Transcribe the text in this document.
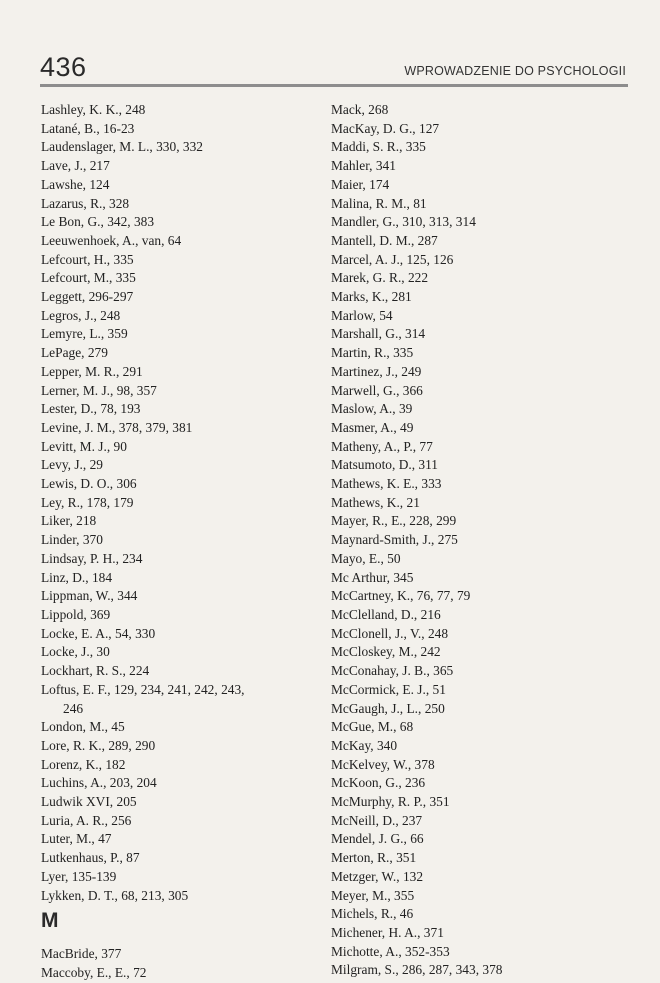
436	WPROWADZENIE DO PSYCHOLOGII
Lashley, K. K., 248
Latané, B., 16-23
Laudenslager, M. L., 330, 332
Lave, J., 217
Lawshe, 124
Lazarus, R., 328
Le Bon, G., 342, 383
Leeuwenhoek, A., van, 64
Lefcourt, H., 335
Lefcourt, M., 335
Leggett, 296-297
Legros, J., 248
Lemyre, L., 359
LePage, 279
Lepper, M. R., 291
Lerner, M. J., 98, 357
Lester, D., 78, 193
Levine, J. M., 378, 379, 381
Levitt, M. J., 90
Levy, J., 29
Lewis, D. O., 306
Ley, R., 178, 179
Liker, 218
Linder, 370
Lindsay, P. H., 234
Linz, D., 184
Lippman, W., 344
Lippold, 369
Locke, E. A., 54, 330
Locke, J., 30
Lockhart, R. S., 224
Loftus, E. F., 129, 234, 241, 242, 243,
246
London, M., 45
Lore, R. K., 289, 290
Lorenz, K., 182
Luchins, A., 203, 204
Ludwik XVI, 205
Luria, A. R., 256
Luter, M., 47
Lutkenhaus, P., 87
Lyer, 135-139
Lykken, D. T., 68, 213, 305
M
MacBride, 377
Maccoby, E., E., 72
Mack, 268
MacKay, D. G., 127
Maddi, S. R., 335
Mahler, 341
Maier, 174
Malina, R. M., 81
Mandler, G., 310, 313, 314
Mantell, D. M., 287
Marcel, A. J., 125, 126
Marek, G. R., 222
Marks, K., 281
Marlow, 54
Marshall, G., 314
Martin, R., 335
Martinez, J., 249
Marwell, G., 366
Maslow, A., 39
Masmer, A., 49
Matheny, A., P., 77
Matsumoto, D., 311
Mathews, K. E., 333
Mathews, K., 21
Mayer, R., E., 228, 299
Maynard-Smith, J., 275
Mayo, E., 50
Mc Arthur, 345
McCartney, K., 76, 77, 79
McClelland, D., 216
McClonell, J., V., 248
McCloskey, M., 242
McConahay, J. B., 365
McCormick, E. J., 51
McGaugh, J., L., 250
McGue, M., 68
McKay, 340
McKelvey, W., 378
McKoon, G., 236
McMurphy, R. P., 351
McNeill, D., 237
Mendel, J. G., 66
Merton, R., 351
Metzger, W., 132
Meyer, M., 355
Michels, R., 46
Michener, H. A., 371
Michotte, A., 352-353
Milgram, S., 286, 287, 343, 378
